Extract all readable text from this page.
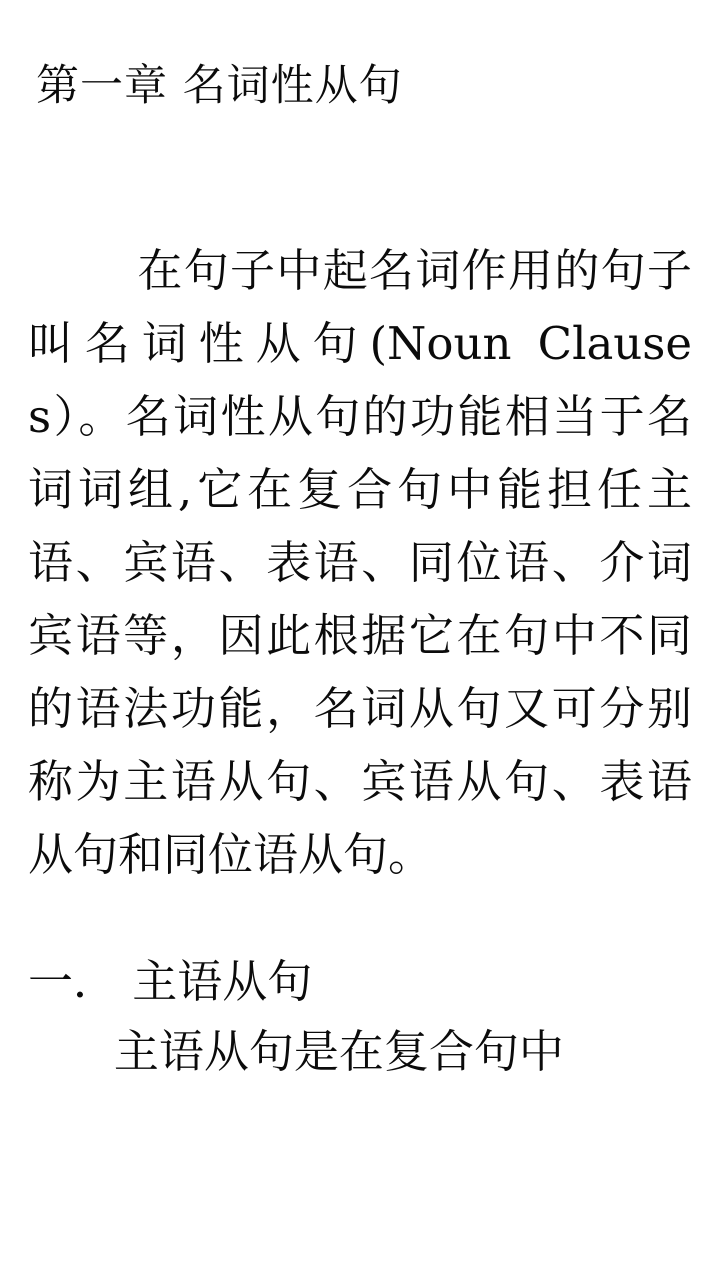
第一章 名词性从句

在句子中起名词作用的句子叫名词性从句(Noun Clauses）。名词性从句的功能相当于名词词组,它在复合句中能担任主语、宾语、表语、同位语、介词宾语等，因此根据它在句中不同的语法功能，名词从句又可分别称为主语从句、宾语从句、表语从句和同位语从句。

一． 主语从句

主语从句是在复合句中
